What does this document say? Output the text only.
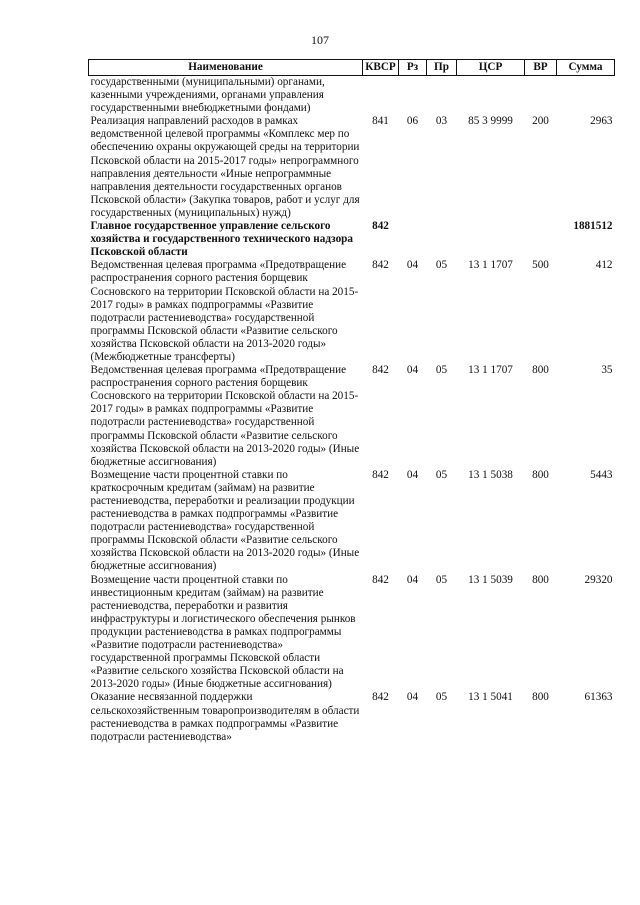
107
Наименование	КВСР	Рз	Пр	ЦСР	ВР	Сумма
государственными (муниципальными) органами, казенными учреждениями, органами управления государственными внебюджетными фондами)						
Реализация направлений расходов в рамках ведомственной целевой программы «Комплекс мер по обеспечению охраны окружающей среды на территории Псковской области на 2015-2017 годы» непрограммного направления деятельности «Иные непрограммные направления деятельности государственных органов Псковской области» (Закупка товаров, работ и услуг для государственных (муниципальных) нужд)	841	06	03	85 3 9999	200	2963
Главное государственное управление сельского хозяйства и государственного технического надзора Псковской области	842					1881512
Ведомственная целевая программа «Предотвращение распространения сорного растения борщевик Сосновского на территории Псковской области на 2015-2017 годы» в рамках подпрограммы «Развитие подотрасли растениеводства» государственной программы Псковской области «Развитие сельского хозяйства Псковской области на 2013-2020 годы» (Межбюджетные трансферты)	842	04	05	13 1 1707	500	412
Ведомственная целевая программа «Предотвращение распространения сорного растения борщевик Сосновского на территории Псковской области на 2015-2017 годы» в рамках подпрограммы «Развитие подотрасли растениеводства» государственной программы Псковской области «Развитие сельского хозяйства Псковской области на 2013-2020 годы» (Иные бюджетные ассигнования)	842	04	05	13 1 1707	800	35
Возмещение части процентной ставки по краткосрочным кредитам (займам) на развитие растениеводства, переработки и реализации продукции растениеводства в рамках подпрограммы «Развитие подотрасли растениеводства» государственной программы Псковской области «Развитие сельского хозяйства Псковской области на 2013-2020 годы» (Иные бюджетные ассигнования)	842	04	05	13 1 5038	800	5443
Возмещение части процентной ставки по инвестиционным кредитам (займам) на развитие растениеводства, переработки и развития инфраструктуры и логистического обеспечения рынков продукции растениеводства в рамках подпрограммы «Развитие подотрасли растениеводства» государственной программы Псковской области «Развитие сельского хозяйства Псковской области на 2013-2020 годы» (Иные бюджетные ассигнования)	842	04	05	13 1 5039	800	29320
Оказание несвязанной поддержки сельскохозяйственным товаропроизводителям в области растениеводства в рамках подпрограммы «Развитие подотрасли растениеводства»	842	04	05	13 1 5041	800	61363
